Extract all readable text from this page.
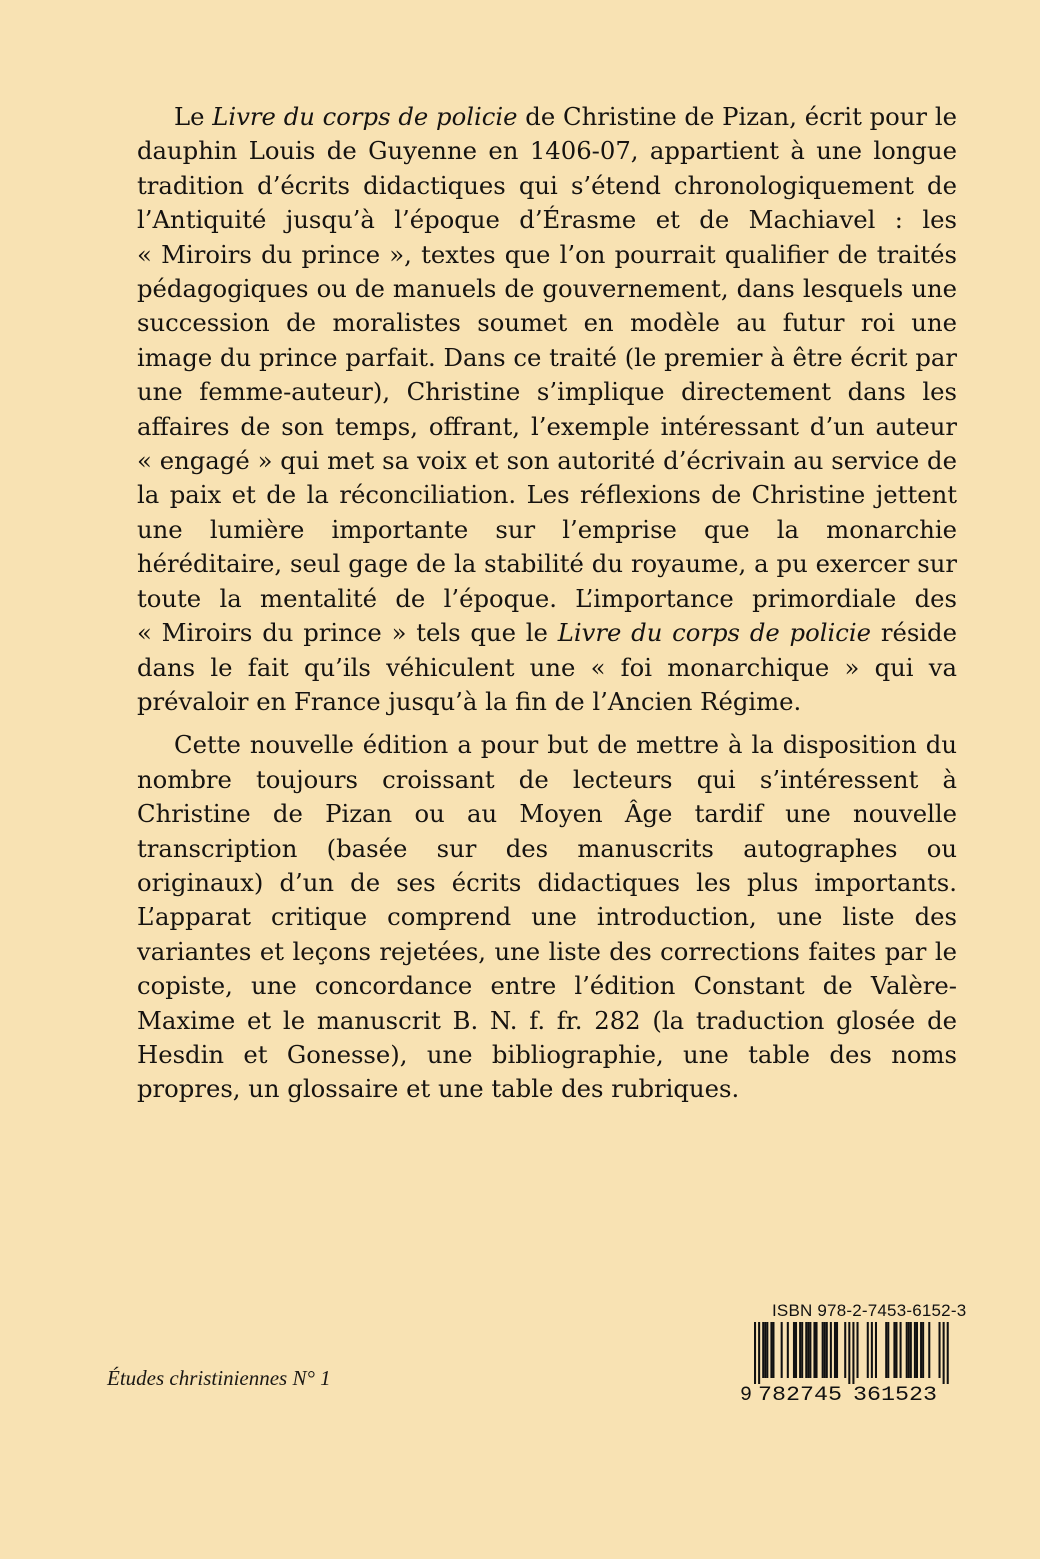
Le Livre du corps de policie de Christine de Pizan, écrit pour le dauphin Louis de Guyenne en 1406-07, appartient à une longue tradition d’écrits didactiques qui s’étend chronologiquement de l’Antiquité jusqu’à l’époque d’Érasme et de Machiavel : les « Miroirs du prince », textes que l’on pourrait qualifier de traités pédagogiques ou de manuels de gouvernement, dans lesquels une succession de moralistes soumet en modèle au futur roi une image du prince parfait. Dans ce traité (le premier à être écrit par une femme-auteur), Christine s’implique directement dans les affaires de son temps, offrant, l’exemple intéressant d’un auteur « engagé » qui met sa voix et son autorité d’écrivain au service de la paix et de la réconciliation. Les réflexions de Christine jettent une lumière importante sur l’emprise que la monarchie héréditaire, seul gage de la stabilité du royaume, a pu exercer sur toute la mentalité de l’époque. L’importance primordiale des « Miroirs du prince » tels que le Livre du corps de policie réside dans le fait qu’ils véhiculent une « foi monarchique » qui va prévaloir en France jusqu’à la fin de l’Ancien Régime.

Cette nouvelle édition a pour but de mettre à la disposition du nombre toujours croissant de lecteurs qui s’intéressent à Christine de Pizan ou au Moyen Âge tardif une nouvelle transcription (basée sur des manuscrits autographes ou originaux) d’un de ses écrits didactiques les plus importants. L’apparat critique comprend une introduction, une liste des variantes et leçons rejetées, une liste des corrections faites par le copiste, une concordance entre l’édition Constant de Valère-Maxime et le manuscrit B. N. f. fr. 282 (la traduction glosée de Hesdin et Gonesse), une bibliographie, une table des noms propres, un glossaire et une table des rubriques.

Études christiniennes N° 1
ISBN 978-2-7453-6152-3
9 782745 361523
